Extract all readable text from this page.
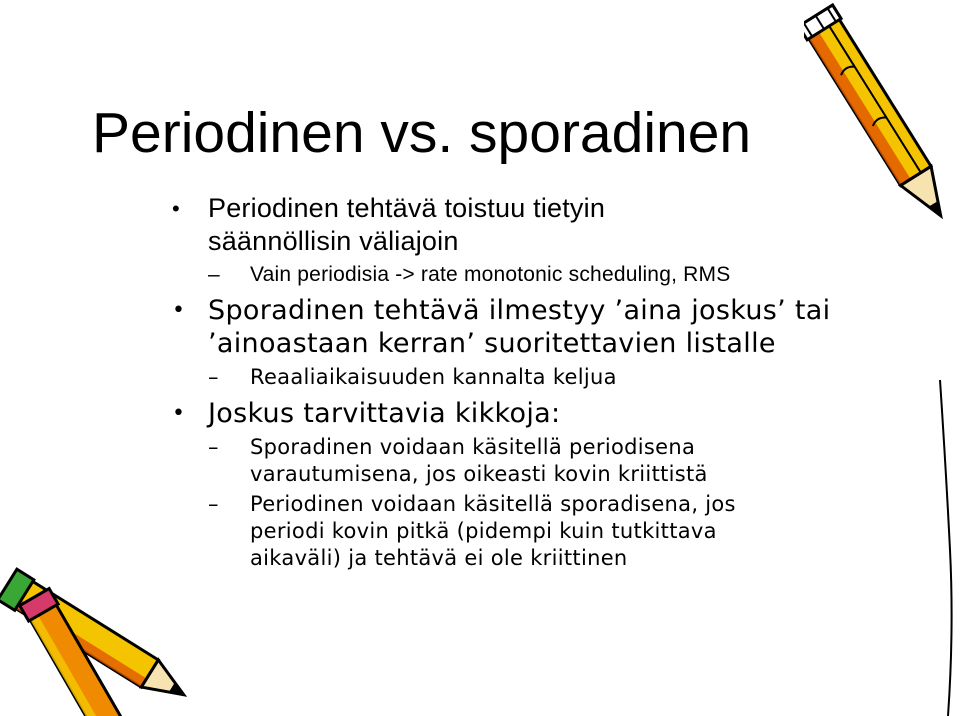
Periodinen vs. sporadinen
• Periodinen tehtävä toistuu tietyin
säännöllisin väliajoin
– Vain periodisia -> rate monotonic scheduling, RMS
• Sporadinen tehtävä ilmestyy ’aina joskus’ tai
’ainoastaan kerran’ suoritettavien listalle
– Reaaliaikaisuuden kannalta keljua
• Joskus tarvittavia kikkoja:
– Sporadinen voidaan käsitellä periodisena
varautumisena, jos oikeasti kovin kriittistä
– Periodinen voidaan käsitellä sporadisena, jos
periodi kovin pitkä (pidempi kuin tutkittava
aikaväli) ja tehtävä ei ole kriittinen
